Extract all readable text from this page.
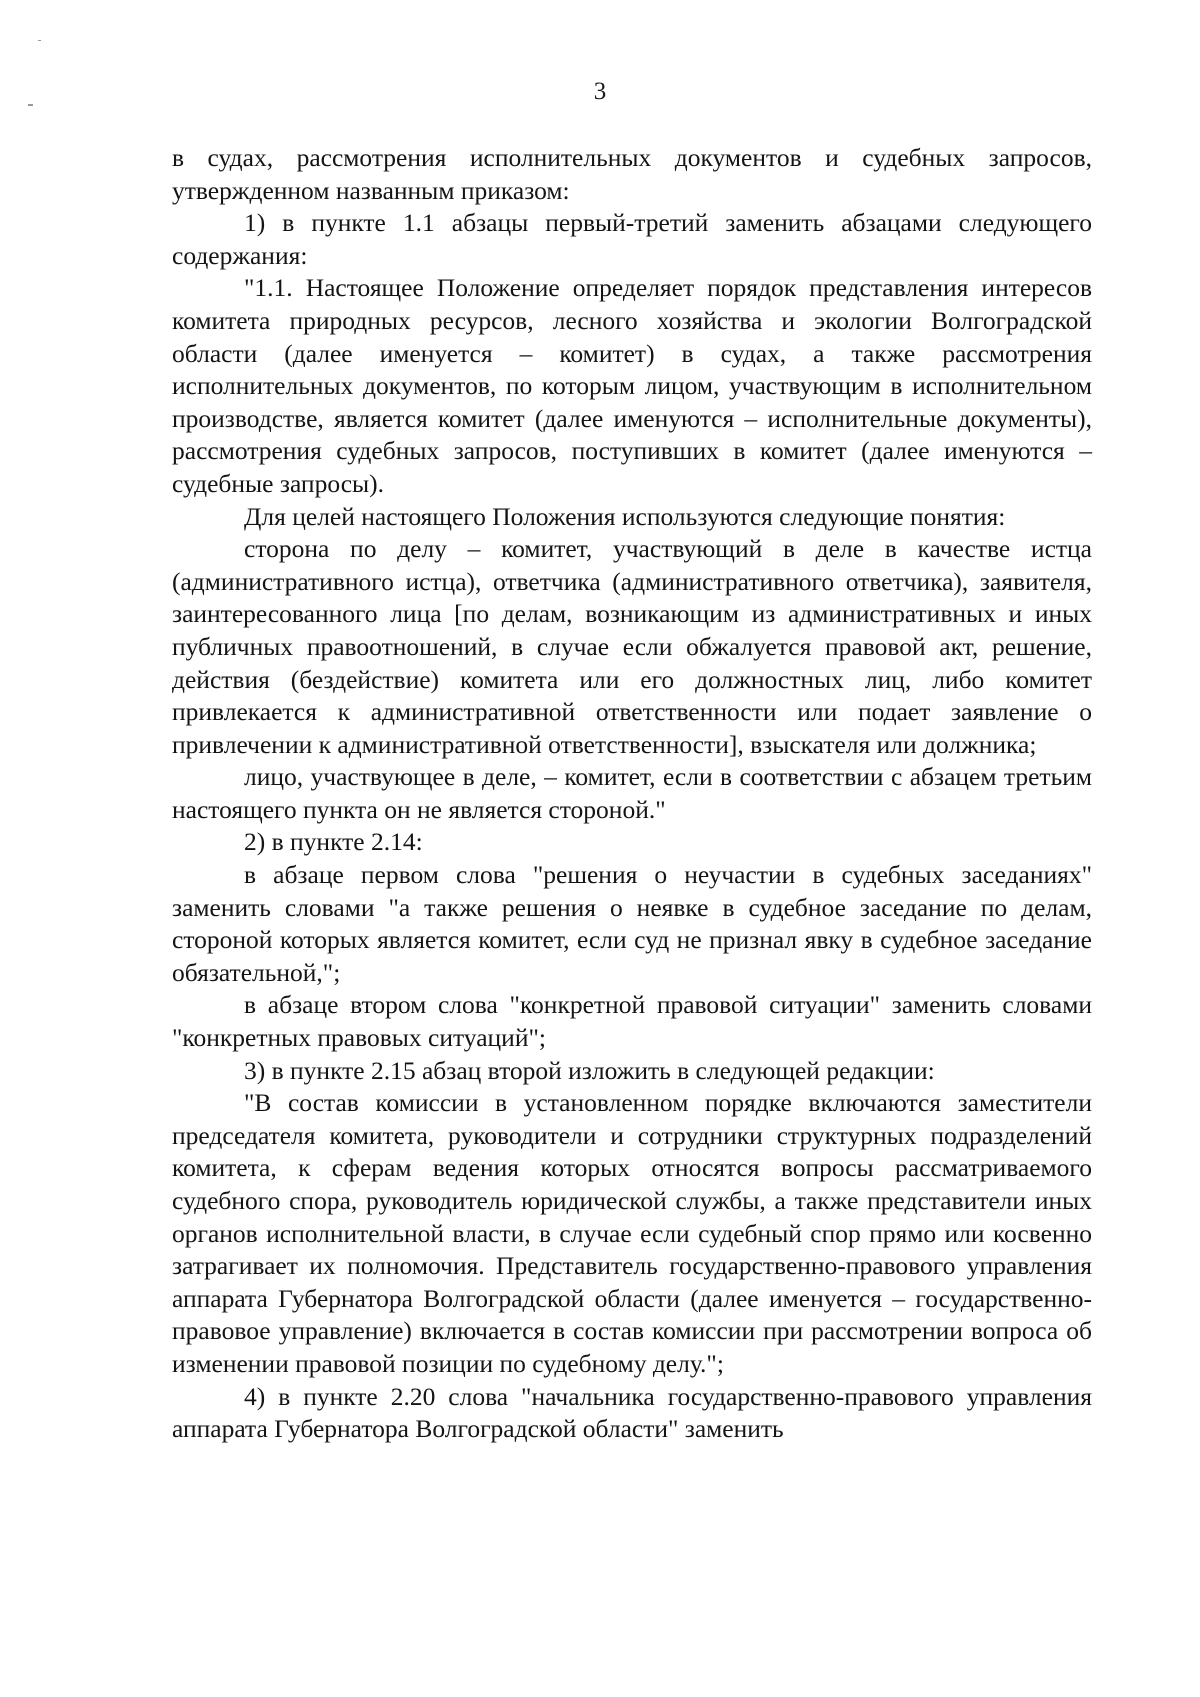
3

в судах, рассмотрения исполнительных документов и судебных запросов, утвержденном названным приказом:

1) в пункте 1.1 абзацы первый-третий заменить абзацами следующего содержания:

"1.1. Настоящее Положение определяет порядок представления интересов комитета природных ресурсов, лесного хозяйства и экологии Волгоградской области (далее именуется – комитет) в судах, а также рассмотрения исполнительных документов, по которым лицом, участвующим в исполнительном производстве, является комитет (далее именуются – исполнительные документы), рассмотрения судебных запросов, поступивших в комитет (далее именуются – судебные запросы).

Для целей настоящего Положения используются следующие понятия:

сторона по делу – комитет, участвующий в деле в качестве истца (административного истца), ответчика (административного ответчика), заявителя, заинтересованного лица [по делам, возникающим из административных и иных публичных правоотношений, в случае если обжалуется правовой акт, решение, действия (бездействие) комитета или его должностных лиц, либо комитет привлекается к административной ответственности или подает заявление о привлечении к административной ответственности], взыскателя или должника;

лицо, участвующее в деле, – комитет, если в соответствии с абзацем третьим настоящего пункта он не является стороной."

2) в пункте 2.14:

в абзаце первом слова "решения о неучастии в судебных заседаниях" заменить словами "а также решения о неявке в судебное заседание по делам, стороной которых является комитет, если суд не признал явку в судебное заседание обязательной,";

в абзаце втором слова "конкретной правовой ситуации" заменить словами "конкретных правовых ситуаций";

3) в пункте 2.15 абзац второй изложить в следующей редакции:

"В состав комиссии в установленном порядке включаются заместители председателя комитета, руководители и сотрудники структурных подразделений комитета, к сферам ведения которых относятся вопросы рассматриваемого судебного спора, руководитель юридической службы, а также представители иных органов исполнительной власти, в случае если судебный спор прямо или косвенно затрагивает их полномочия. Представитель государственно-правового управления аппарата Губернатора Волгоградской области (далее именуется – государственно-правовое управление) включается в состав комиссии при рассмотрении вопроса об изменении правовой позиции по судебному делу.";

4) в пункте 2.20 слова "начальника государственно-правового управления аппарата Губернатора Волгоградской области" заменить
